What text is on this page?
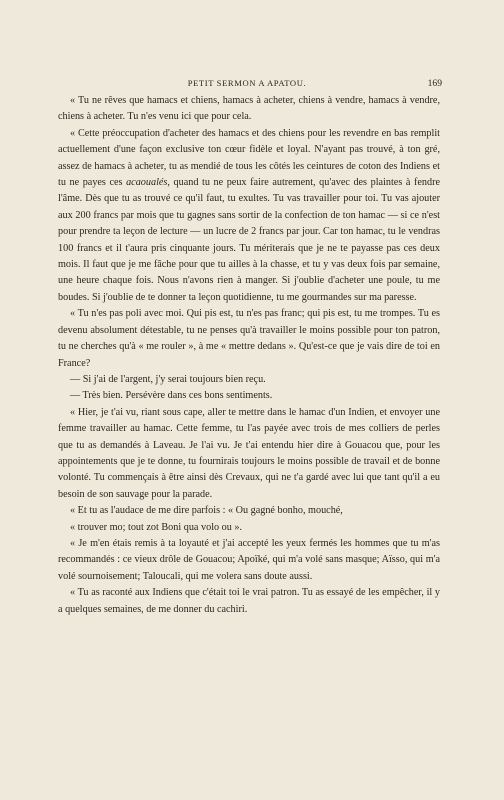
PETIT SERMON A APATOU.	169

« Tu ne rêves que hamacs et chiens, hamacs à acheter, chiens à vendre, hamacs à vendre, chiens à acheter. Tu n'es venu ici que pour cela.

« Cette préoccupation d'acheter des hamacs et des chiens pour les revendre en bas remplit actuellement d'une façon exclusive ton cœur fidèle et loyal. N'ayant pas trouvé, à ton gré, assez de hamacs à acheter, tu as mendié de tous les côtés les ceintures de coton des Indiens et tu ne payes ces acaoualés, quand tu ne peux faire autrement, qu'avec des plaintes à fendre l'âme. Dès que tu as trouvé ce qu'il faut, tu exultes. Tu vas travailler pour toi. Tu vas ajouter aux 200 francs par mois que tu gagnes sans sortir de la confection de ton hamac — si ce n'est pour prendre ta leçon de lecture — un lucre de 2 francs par jour. Car ton hamac, tu le vendras 100 francs et il t'aura pris cinquante jours. Tu mériterais que je ne te payasse pas ces deux mois. Il faut que je me fâche pour que tu ailles à la chasse, et tu y vas deux fois par semaine, une heure chaque fois. Nous n'avons rien à manger. Si j'oublie d'acheter une poule, tu me boudes. Si j'oublie de te donner ta leçon quotidienne, tu me gourmandes sur ma paresse.

« Tu n'es pas poli avec moi. Qui pis est, tu n'es pas franc; qui pis est, tu me trompes. Tu es devenu absolument détestable, tu ne penses qu'à travailler le moins possible pour ton patron, tu ne cherches qu'à « me rouler », à me « mettre dedans ». Qu'est-ce que je vais dire de toi en France?

— Si j'ai de l'argent, j'y serai toujours bien reçu.

— Très bien. Persévère dans ces bons sentiments.

« Hier, je t'ai vu, riant sous cape, aller te mettre dans le hamac d'un Indien, et envoyer une femme travailler au hamac. Cette femme, tu l'as payée avec trois de mes colliers de perles que tu as demandés à Laveau. Je l'ai vu. Je t'ai entendu hier dire à Gouacou que, pour les appointements que je te donne, tu fournirais toujours le moins possible de travail et de bonne volonté. Tu commençais à être ainsi dès Crevaux, qui ne t'a gardé avec lui que tant qu'il a eu besoin de son sauvage pour la parade.

« Et tu as l'audace de me dire parfois : « Ou gagné bonho, mouché,

« trouver mo; tout zot Boni qua volo ou ».

« Je m'en étais remis à ta loyauté et j'ai accepté les yeux fermés les hommes que tu m'as recommandés : ce vieux drôle de Gouacou; Apoïké, qui m'a volé sans masque; Aïsso, qui m'a volé sournoisement; Taloucali, qui me volera sans doute aussi.

« Tu as raconté aux Indiens que c'était toi le vrai patron. Tu as essayé de les empêcher, il y a quelques semaines, de me donner du cachiri.
